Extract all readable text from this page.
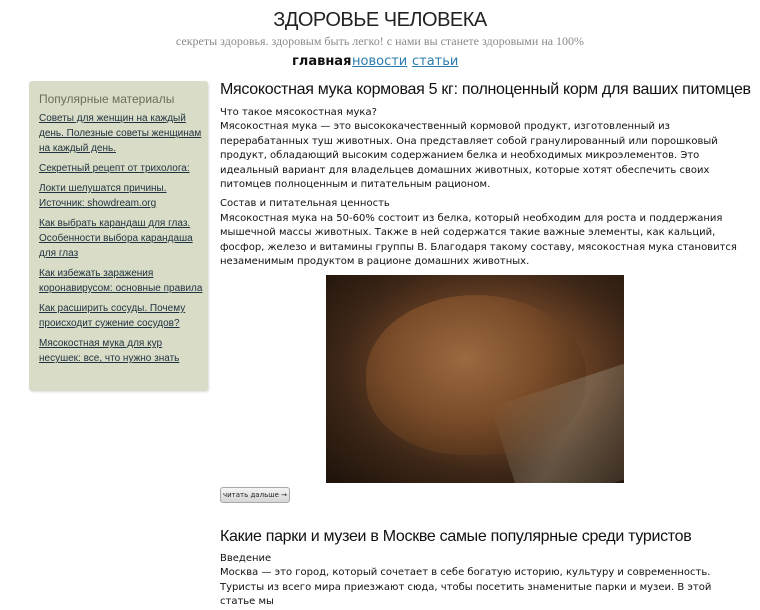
ЗДОРОВЬЕ ЧЕЛОВЕКА
секреты здоровья. здоровым быть легко! с нами вы станете здоровыми на 100%
главная новости статьи
Популярные материалы
Советы для женщин на каждый день. Полезные советы женщинам на каждый день.
Секретный рецепт от трихолога:
Локти шелушатся причины. Источник: showdream.org
Как выбрать карандаш для глаз. Особенности выбора карандаша для глаз
Как избежать заражения коронавирусом: основные правила
Как расширить сосуды. Почему происходит сужение сосудов?
Мясокостная мука для кур несушек: все, что нужно знать
Мясокостная мука кормовая 5 кг: полноценный корм для ваших питомцев

Что такое мясокостная мука?

Мясокостная мука — это высококачественный кормовой продукт, изготовленный из перерабатанных туш животных. Она представляет собой гранулированный или порошковый продукт, обладающий высоким содержанием белка и необходимых микроэлементов. Это идеальный вариант для владельцев домашних животных, которые хотят обеспечить своих питомцев полноценным и питательным рационом.

Состав и питательная ценность

Мясокостная мука на 50-60% состоит из белка, который необходим для роста и поддержания мышечной массы животных. Также в ней содержатся такие важные элементы, как кальций, фосфор, железо и витамины группы В. Благодаря такому составу, мясокостная мука становится незаменимым продуктом в рационе домашних животных.

читать дальше →
Какие парки и музеи в Москве самые популярные среди туристов

Введение

Москва — это город, который сочетает в себе богатую историю, культуру и современность. Туристы из всего мира приезжают сюда, чтобы посетить знаменитые парки и музеи. В этой статье мы
